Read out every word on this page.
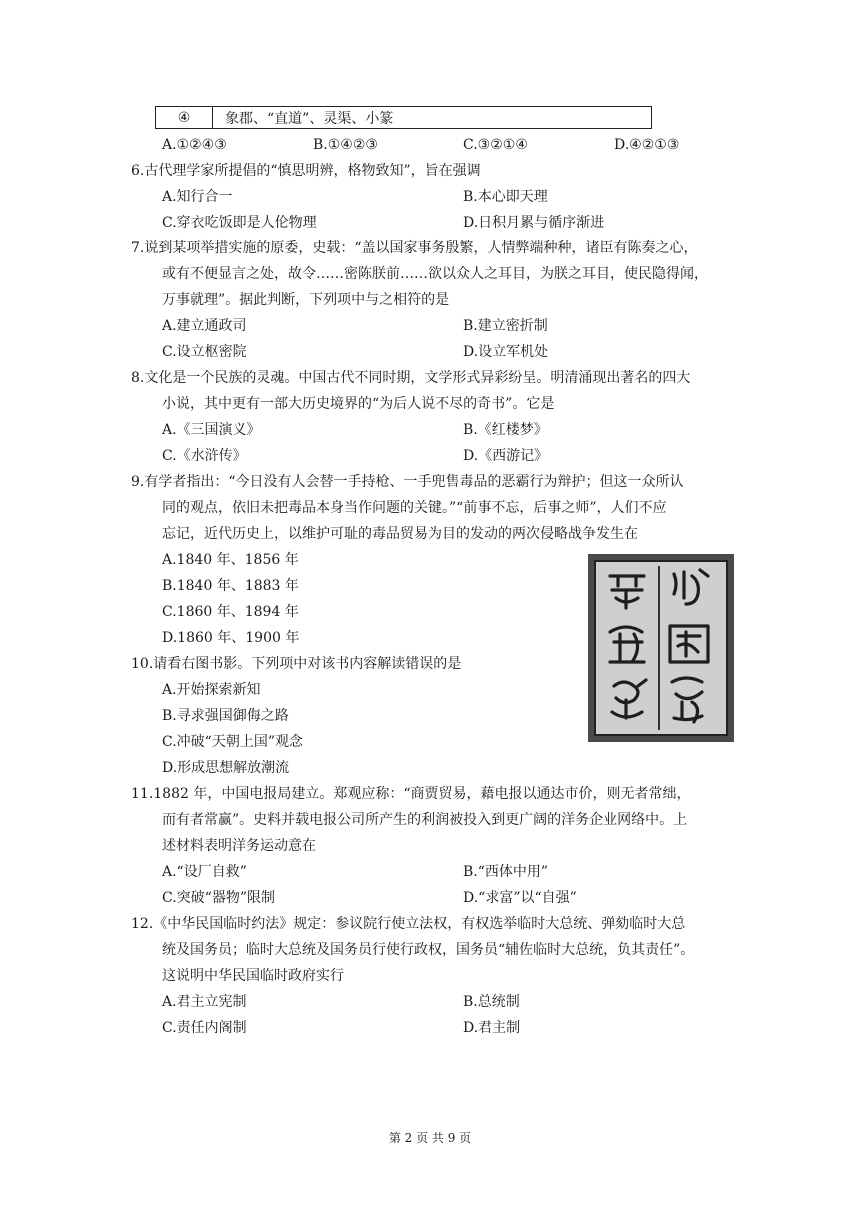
④	象郡、“直道”、灵渠、小篆
A.①②④③	B.①④②③	C.③②①④	D.④②①③
6.古代理学家所提倡的“慎思明辨，格物致知”，旨在强调
A.知行合一	B.本心即天理
C.穿衣吃饭即是人伦物理	D.日积月累与循序渐进
7.说到某项举措实施的原委，史载：“盖以国家事务殷繁，人情弊端种种，诸臣有陈奏之心，
或有不便显言之处，故令……密陈朕前……欲以众人之耳目，为朕之耳目，使民隐得闻，
万事就理”。据此判断，下列项中与之相符的是
A.建立通政司	B.建立密折制
C.设立枢密院	D.设立军机处
8.文化是一个民族的灵魂。中国古代不同时期，文学形式异彩纷呈。明清涌现出著名的四大
小说，其中更有一部大历史境界的“为后人说不尽的奇书”。它是
A.《三国演义》	B.《红楼梦》
C.《水浒传》	D.《西游记》
9.有学者指出：“今日没有人会替一手持枪、一手兜售毒品的恶霸行为辩护；但这一众所认
同的观点，依旧未把毒品本身当作问题的关键。”“前事不忘，后事之师”，人们不应
忘记，近代历史上，以维护可耻的毒品贸易为目的发动的两次侵略战争发生在
A.1840 年、1856 年
B.1840 年、1883 年
C.1860 年、1894 年
D.1860 年、1900 年
10.请看右图书影。下列项中对该书内容解读错误的是
A.开始探索新知
B.寻求强国御侮之路
C.冲破“天朝上国”观念
D.形成思想解放潮流
11.1882 年，中国电报局建立。郑观应称：“商贾贸易，藉电报以通达市价，则无者常绌，
而有者常赢”。史料并载电报公司所产生的利润被投入到更广阔的洋务企业网络中。上
述材料表明洋务运动意在
A.“设厂自救”	B.“西体中用”
C.突破“器物”限制	D.“求富”以“自强”
12.《中华民国临时约法》规定：参议院行使立法权，有权选举临时大总统、弹劾临时大总
统及国务员；临时大总统及国务员行使行政权，国务员“辅佐临时大总统，负其责任”。
这说明中华民国临时政府实行
A.君主立宪制	B.总统制
C.责任内阁制	D.君主制
第 2 页 共 9 页
